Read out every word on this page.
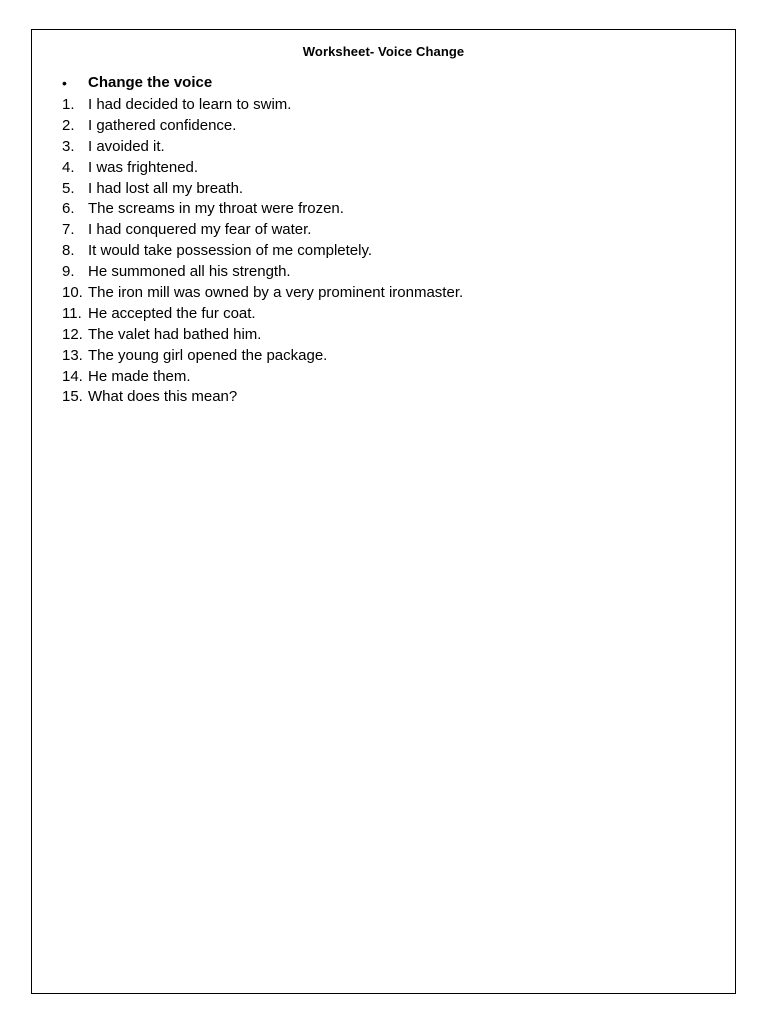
Worksheet- Voice Change
•	Change the voice
1. I had decided to learn to swim.
2. I gathered confidence.
3. I avoided it.
4. I was frightened.
5. I had lost all my breath.
6. The screams in my throat were frozen.
7. I had conquered my fear of water.
8. It would take possession of me completely.
9. He summoned all his strength.
10. The iron mill was owned by a very prominent ironmaster.
11. He accepted the fur coat.
12. The valet had bathed him.
13. The young girl opened the package.
14. He made them.
15. What does this mean?
